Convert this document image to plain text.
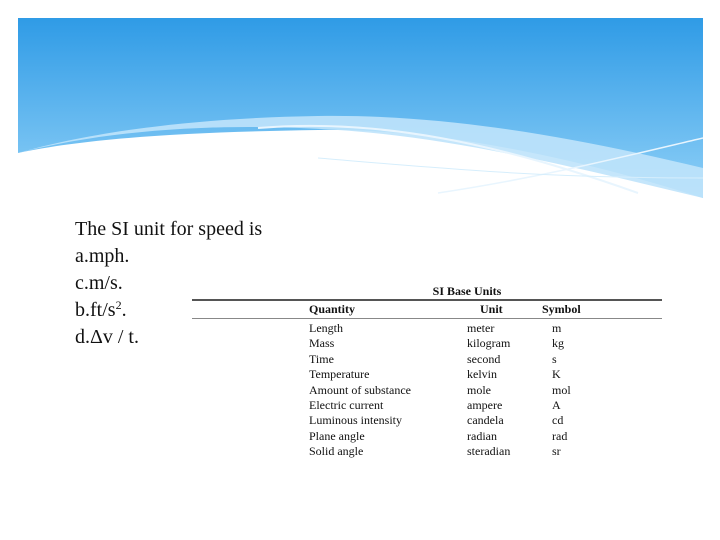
The SI unit for speed is
a.mph.
c.m/s.
$b.ft/s^2$.
d.Δv / t.
SI Base Units
Quantity	Unit	Symbol
Length	meter	m
Mass	kilogram	kg
Time	second	s
Temperature	kelvin	K
Amount of substance	mole	mol
Electric current	ampere	A
Luminous intensity	candela	cd
Plane angle	radian	rad
Solid angle	steradian	sr
